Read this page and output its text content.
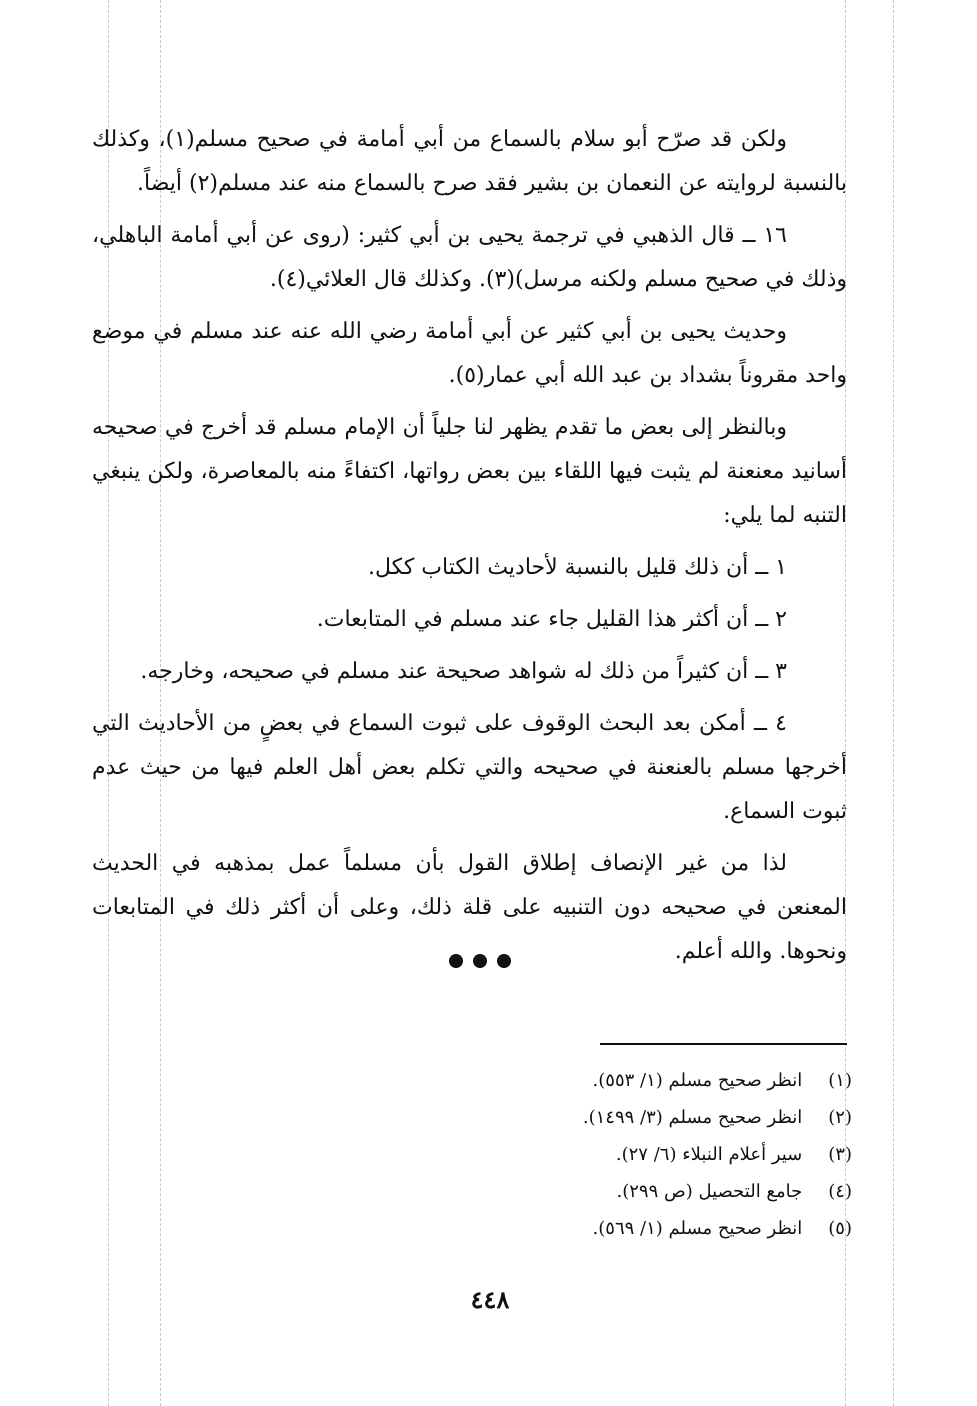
ولكن قد صرّح أبو سلام بالسماع من أبي أمامة في صحيح مسلم(١)، وكذلك بالنسبة لروايته عن النعمان بن بشير فقد صرح بالسماع منه عند مسلم(٢) أيضاً.

١٦ ــ قال الذهبي في ترجمة يحيى بن أبي كثير: (روى عن أبي أمامة الباهلي، وذلك في صحيح مسلم ولكنه مرسل)(٣). وكذلك قال العلائي(٤).

وحديث يحيى بن أبي كثير عن أبي أمامة رضي الله عنه عند مسلم في موضع واحد مقروناً بشداد بن عبد الله أبي عمار(٥).

وبالنظر إلى بعض ما تقدم يظهر لنا جلياً أن الإمام مسلم قد أخرج في صحيحه أسانيد معنعنة لم يثبت فيها اللقاء بين بعض رواتها، اكتفاءً منه بالمعاصرة، ولكن ينبغي التنبه لما يلي:

١ ــ أن ذلك قليل بالنسبة لأحاديث الكتاب ككل.

٢ ــ أن أكثر هذا القليل جاء عند مسلم في المتابعات.

٣ ــ أن كثيراً من ذلك له شواهد صحيحة عند مسلم في صحيحه، وخارجه.

٤ ــ أمكن بعد البحث الوقوف على ثبوت السماع في بعضٍ من الأحاديث التي أخرجها مسلم بالعنعنة في صحيحه والتي تكلم بعض أهل العلم فيها من حيث عدم ثبوت السماع.

لذا من غير الإنصاف إطلاق القول بأن مسلماً عمل بمذهبه في الحديث المعنعن في صحيحه دون التنبيه على قلة ذلك، وعلى أن أكثر ذلك في المتابعات ونحوها. والله أعلم.

(١) انظر صحيح مسلم (١/ ٥٥٣).
(٢) انظر صحيح مسلم (٣/ ١٤٩٩).
(٣) سير أعلام النبلاء (٦/ ٢٧).
(٤) جامع التحصيل (ص ٢٩٩).
(٥) انظر صحيح مسلم (١/ ٥٦٩).
٤٤٨
